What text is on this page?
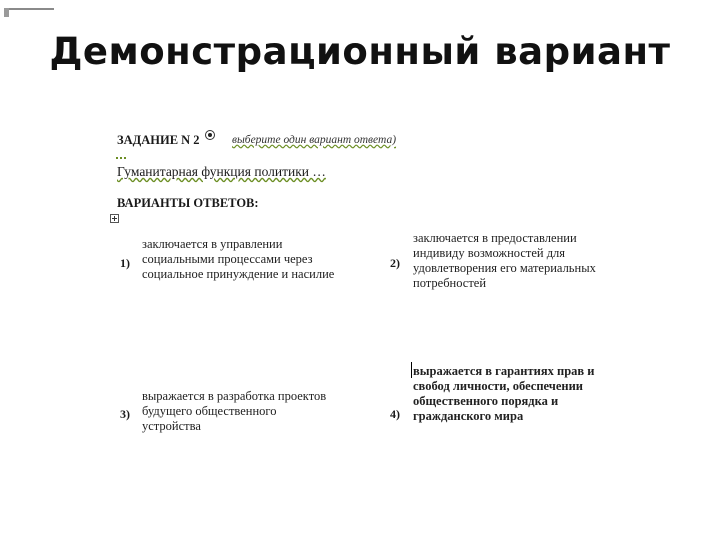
Демонстрационный вариант
ЗАДАНИЕ N 2	выберите один вариант ответа)
Гуманитарная функция политики …
ВАРИАНТЫ ОТВЕТОВ:
1)
заключается в управлении
социальными процессами через
социальное принуждение и насилие
2)
заключается в предоставлении
индивиду возможностей для
удовлетворения его материальных
потребностей
3)
выражается в разработка проектов
будущего общественного
устройства
4)
выражается в гарантиях прав и
свобод личности, обеспечении
общественного порядка и
гражданского мира
